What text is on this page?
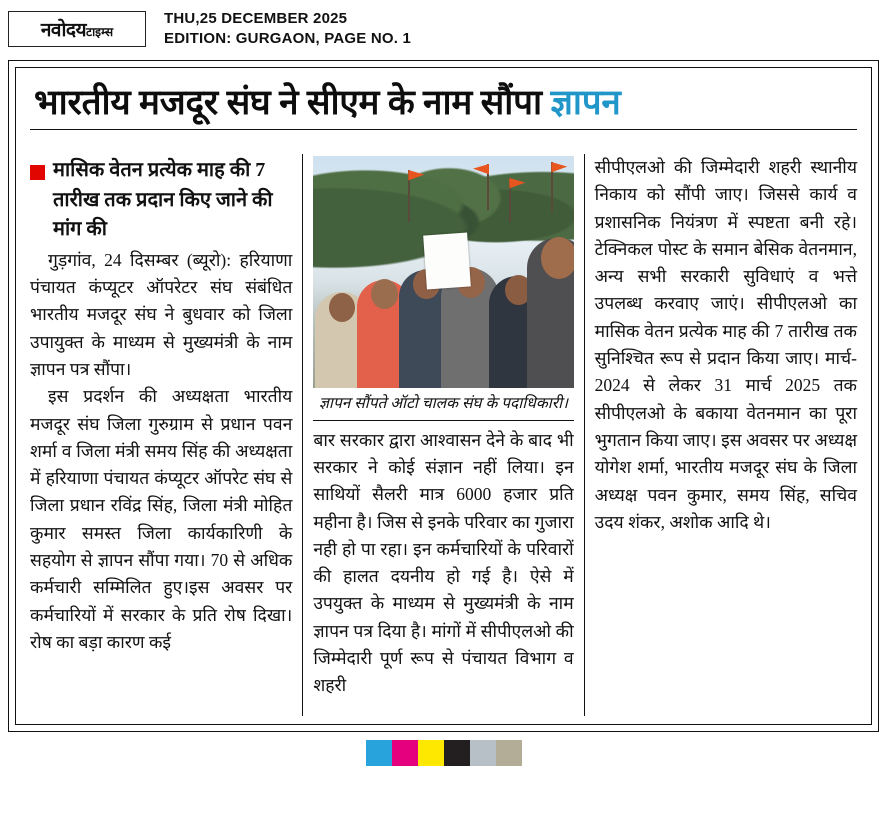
नवोदयटाइम्स
THU,25 DECEMBER 2025
EDITION: GURGAON, PAGE NO. 1
भारतीय मजदूर संघ ने सीएम के नाम सौंपा ज्ञापन
मासिक वेतन प्रत्येक माह की 7 तारीख तक प्रदान किए जाने की मांग की

गुड़गांव, 24 दिसम्बर (ब्यूरो): हरियाणा पंचायत कंप्यूटर ऑपरेटर संघ संबंधित भारतीय मजदूर संघ ने बुधवार को जिला उपायुक्त के माध्यम से मुख्यमंत्री के नाम ज्ञापन पत्र सौंपा।

इस प्रदर्शन की अध्यक्षता भारतीय मजदूर संघ जिला गुरुग्राम से प्रधान पवन शर्मा व जिला मंत्री समय सिंह की अध्यक्षता में हरियाणा पंचायत कंप्यूटर ऑपरेट संघ से जिला प्रधान रविंद्र सिंह, जिला मंत्री मोहित कुमार समस्त जिला कार्यकारिणी के सहयोग से ज्ञापन सौंपा गया। 70 से अधिक कर्मचारी सम्मिलित हुए।इस अवसर पर कर्मचारियों में सरकार के प्रति रोष दिखा। रोष का बड़ा कारण कई

ज्ञापन सौंपते ऑटो चालक संघ के पदाधिकारी।

बार सरकार द्वारा आश्वासन देने के बाद भी सरकार ने कोई संज्ञान नहीं लिया। इन साथियों सैलरी मात्र 6000 हजार प्रति महीना है। जिस से इनके परिवार का गुजारा नही हो पा रहा। इन कर्मचारियों के परिवारों की हालत दयनीय हो गई है। ऐसे में उपयुक्त के माध्यम से मुख्यमंत्री के नाम ज्ञापन पत्र दिया है। मांगों में सीपीएलओ की जिम्मेदारी पूर्ण रूप से पंचायत विभाग व शहरी

सीपीएलओ की जिम्मेदारी शहरी स्थानीय निकाय को सौंपी जाए। जिससे कार्य व प्रशासनिक नियंत्रण में स्पष्टता बनी रहे। टेक्निकल पोस्ट के समान बेसिक वेतनमान, अन्य सभी सरकारी सुविधाएं व भत्ते उपलब्ध करवाए जाएं। सीपीएलओ का मासिक वेतन प्रत्येक माह की 7 तारीख तक सुनिश्चित रूप से प्रदान किया जाए। मार्च- 2024 से लेकर 31 मार्च 2025 तक सीपीएलओ के बकाया वेतनमान का पूरा भुगतान किया जाए। इस अवसर पर अध्यक्ष योगेश शर्मा, भारतीय मजदूर संघ के जिला अध्यक्ष पवन कुमार, समय सिंह, सचिव उदय शंकर, अशोक आदि थे।
